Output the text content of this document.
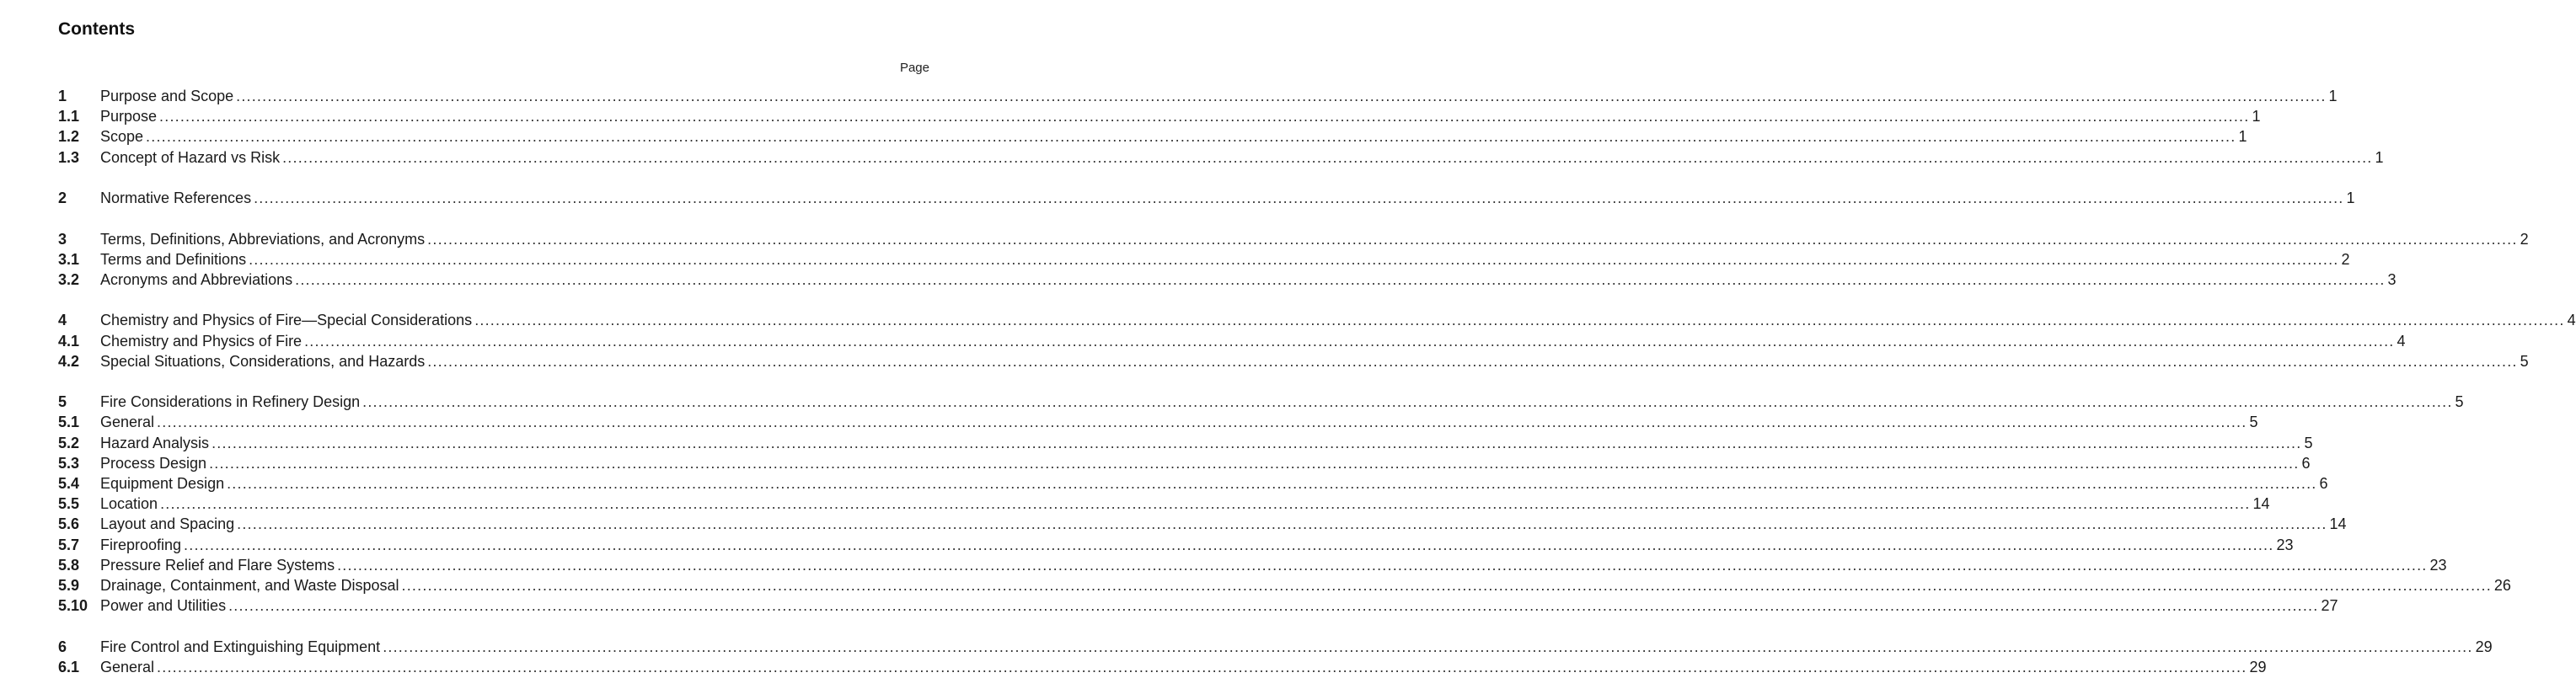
Contents
Page
1	Purpose and Scope ................................................................................................................................................................................................................................................................................................................................................................................................................ 1
1.1	Purpose ................................................................................................................................................................................................................................................................................................................................................................................................................ 1
1.2	Scope ................................................................................................................................................................................................................................................................................................................................................................................................................ 1
1.3	Concept of Hazard vs Risk ................................................................................................................................................................................................................................................................................................................................................................................................................ 1
2	Normative References ................................................................................................................................................................................................................................................................................................................................................................................................................ 1
3	Terms, Definitions, Abbreviations, and Acronyms ................................................................................................................................................................................................................................................................................................................................................................................................................ 2
3.1	Terms and Definitions ................................................................................................................................................................................................................................................................................................................................................................................................................ 2
3.2	Acronyms and Abbreviations ................................................................................................................................................................................................................................................................................................................................................................................................................ 3
4	Chemistry and Physics of Fire—Special Considerations ................................................................................................................................................................................................................................................................................................................................................................................................................ 4
4.1	Chemistry and Physics of Fire ................................................................................................................................................................................................................................................................................................................................................................................................................ 4
4.2	Special Situations, Considerations, and Hazards ................................................................................................................................................................................................................................................................................................................................................................................................................ 5
5	Fire Considerations in Refinery Design ................................................................................................................................................................................................................................................................................................................................................................................................................ 5
5.1	General ................................................................................................................................................................................................................................................................................................................................................................................................................ 5
5.2	Hazard Analysis ................................................................................................................................................................................................................................................................................................................................................................................................................ 5
5.3	Process Design ................................................................................................................................................................................................................................................................................................................................................................................................................ 6
5.4	Equipment Design ................................................................................................................................................................................................................................................................................................................................................................................................................ 6
5.5	Location ................................................................................................................................................................................................................................................................................................................................................................................................................ 14
5.6	Layout and Spacing ................................................................................................................................................................................................................................................................................................................................................................................................................ 14
5.7	Fireproofing ................................................................................................................................................................................................................................................................................................................................................................................................................ 23
5.8	Pressure Relief and Flare Systems ................................................................................................................................................................................................................................................................................................................................................................................................................ 23
5.9	Drainage, Containment, and Waste Disposal ................................................................................................................................................................................................................................................................................................................................................................................................................ 26
5.10 Power and Utilities ................................................................................................................................................................................................................................................................................................................................................................................................................ 27
6	Fire Control and Extinguishing Equipment ................................................................................................................................................................................................................................................................................................................................................................................................................ 29
6.1	General ................................................................................................................................................................................................................................................................................................................................................................................................................ 29
